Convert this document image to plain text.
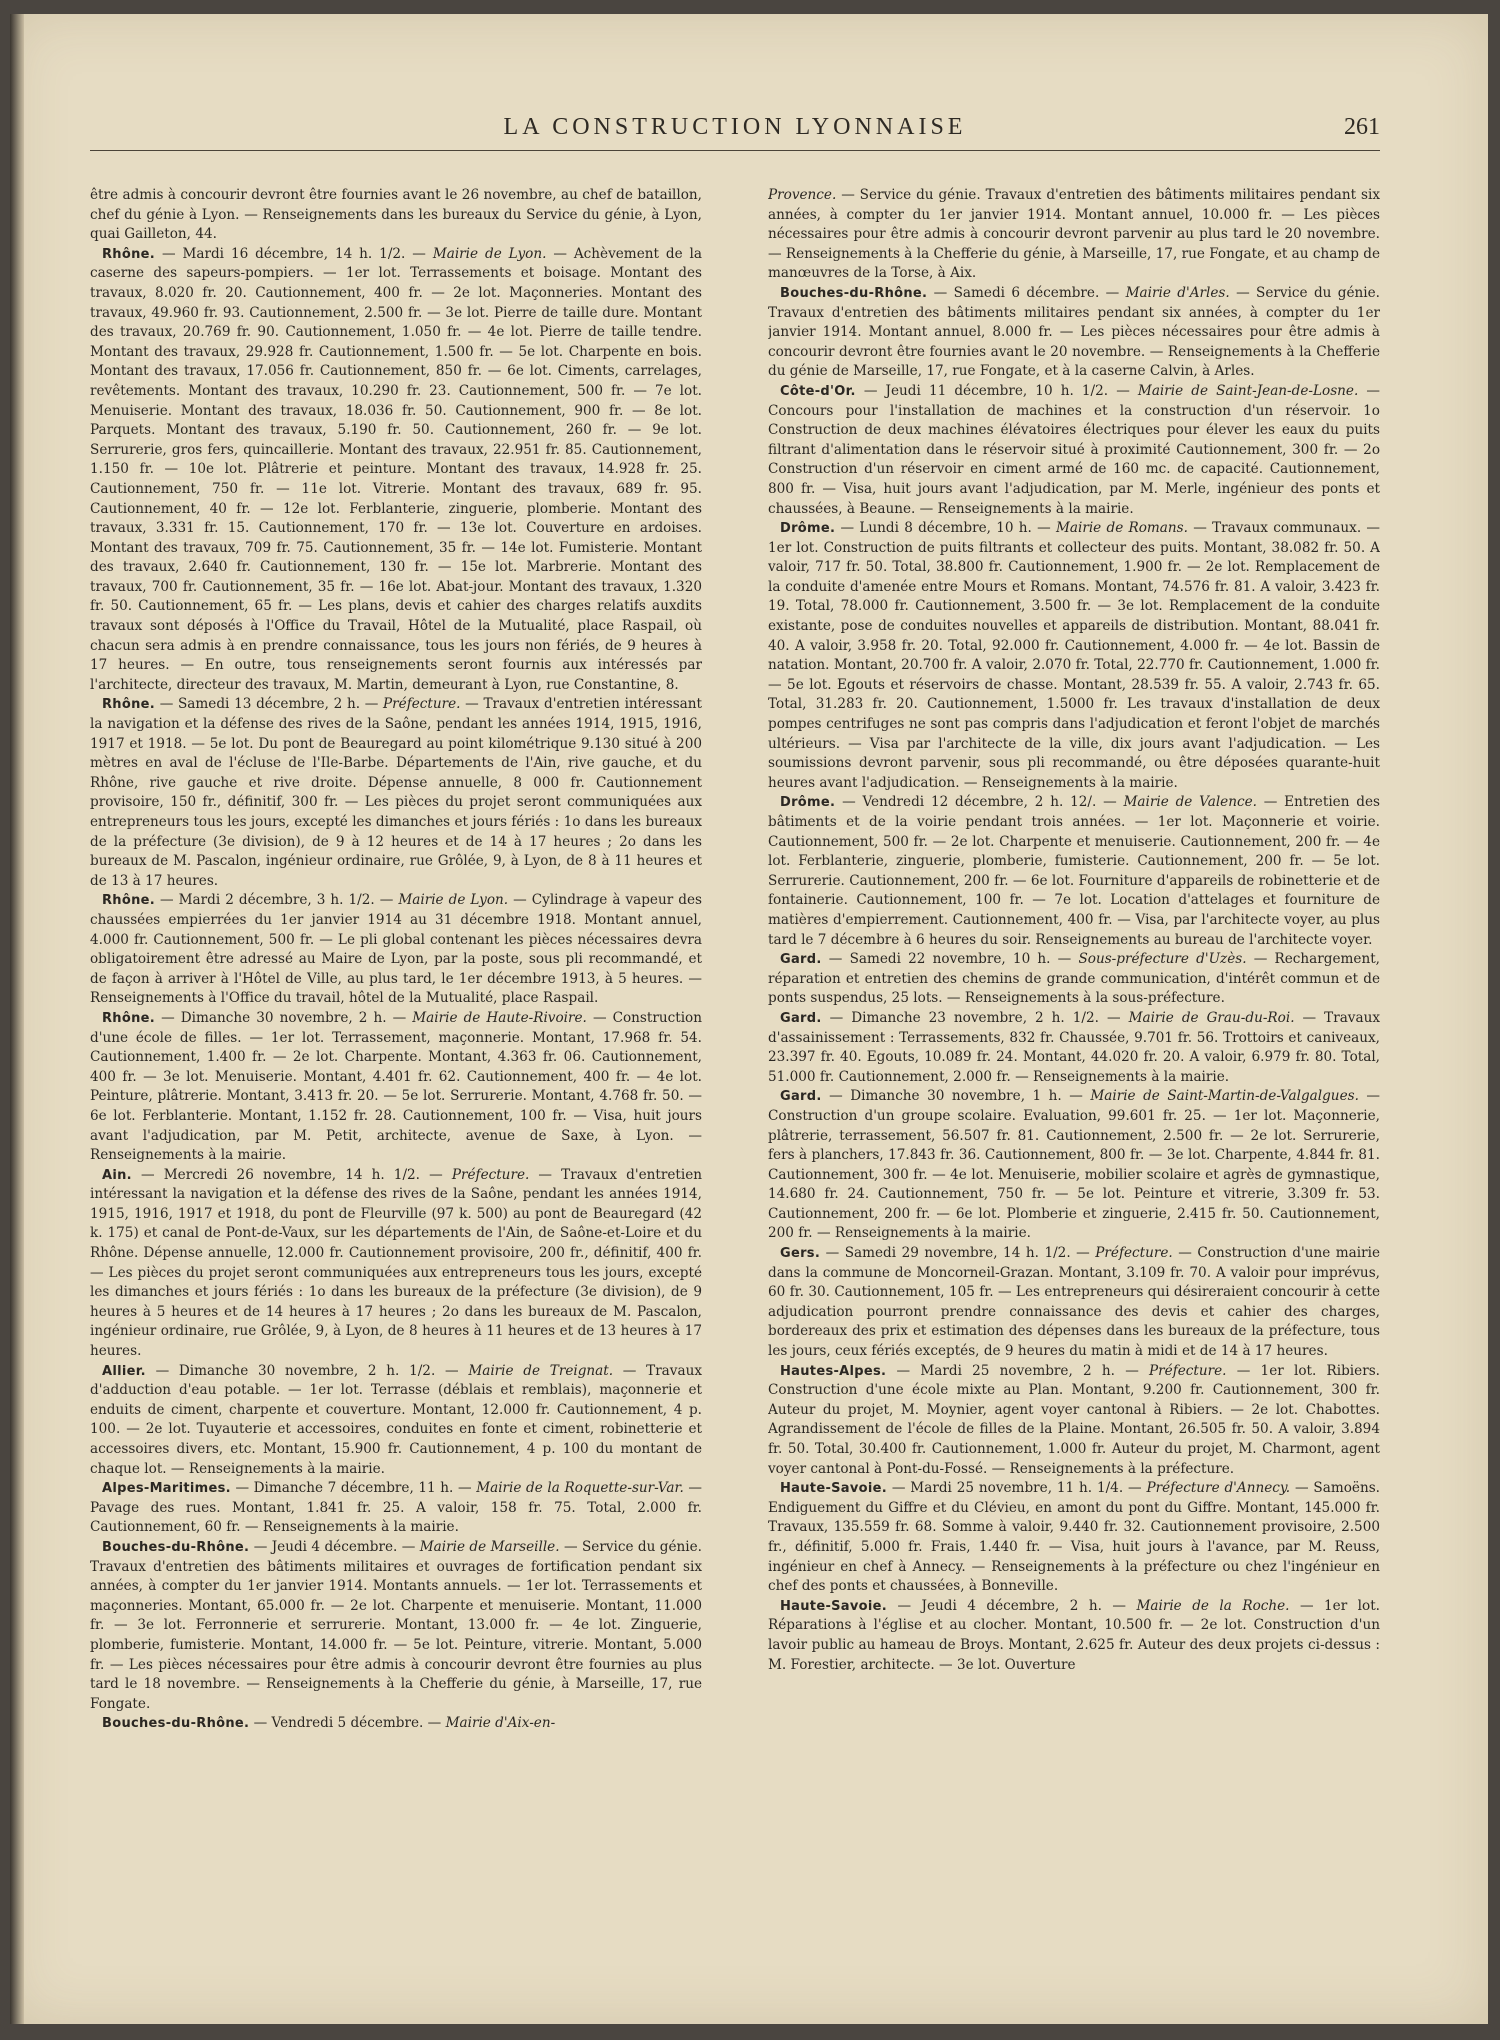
LA CONSTRUCTION LYONNAISE	261

être admis à concourir devront être fournies avant le 26 novembre, au chef de bataillon, chef du génie à Lyon. — Renseignements dans les bureaux du Service du génie, à Lyon, quai Gailleton, 44.

Rhône. — Mardi 16 décembre, 14 h. 1/2. — Mairie de Lyon. — Achèvement de la caserne des sapeurs-pompiers. — 1er lot. Terrassements et boisage. Montant des travaux, 8.020 fr. 20. Cautionnement, 400 fr. — 2e lot. Maçonneries. Montant des travaux, 49.960 fr. 93. Cautionnement, 2.500 fr. — 3e lot. Pierre de taille dure. Montant des travaux, 20.769 fr. 90. Cautionnement, 1.050 fr. — 4e lot. Pierre de taille tendre. Montant des travaux, 29.928 fr. Cautionnement, 1.500 fr. — 5e lot. Charpente en bois. Montant des travaux, 17.056 fr. Cautionnement, 850 fr. — 6e lot. Ciments, carrelages, revêtements. Montant des travaux, 10.290 fr. 23. Cautionnement, 500 fr. — 7e lot. Menuiserie. Montant des travaux, 18.036 fr. 50. Cautionnement, 900 fr. — 8e lot. Parquets. Montant des travaux, 5.190 fr. 50. Cautionnement, 260 fr. — 9e lot. Serrurerie, gros fers, quincaillerie. Montant des travaux, 22.951 fr. 85. Cautionnement, 1.150 fr. — 10e lot. Plâtrerie et peinture. Montant des travaux, 14.928 fr. 25. Cautionnement, 750 fr. — 11e lot. Vitrerie. Montant des travaux, 689 fr. 95. Cautionnement, 40 fr. — 12e lot. Ferblanterie, zinguerie, plomberie. Montant des travaux, 3.331 fr. 15. Cautionnement, 170 fr. — 13e lot. Couverture en ardoises. Montant des travaux, 709 fr. 75. Cautionnement, 35 fr. — 14e lot. Fumisterie. Montant des travaux, 2.640 fr. Cautionnement, 130 fr. — 15e lot. Marbrerie. Montant des travaux, 700 fr. Cautionnement, 35 fr. — 16e lot. Abat-jour. Montant des travaux, 1.320 fr. 50. Cautionnement, 65 fr. — Les plans, devis et cahier des charges relatifs auxdits travaux sont déposés à l'Office du Travail, Hôtel de la Mutualité, place Raspail, où chacun sera admis à en prendre connaissance, tous les jours non fériés, de 9 heures à 17 heures. — En outre, tous renseignements seront fournis aux intéressés par l'architecte, directeur des travaux, M. Martin, demeurant à Lyon, rue Constantine, 8.

Rhône. — Samedi 13 décembre, 2 h. — Préfecture. — Travaux d'entretien intéressant la navigation et la défense des rives de la Saône, pendant les années 1914, 1915, 1916, 1917 et 1918. — 5e lot. Du pont de Beauregard au point kilométrique 9.130 situé à 200 mètres en aval de l'écluse de l'Ile-Barbe. Départements de l'Ain, rive gauche, et du Rhône, rive gauche et rive droite. Dépense annuelle, 8 000 fr. Cautionnement provisoire, 150 fr., définitif, 300 fr. — Les pièces du projet seront communiquées aux entrepreneurs tous les jours, excepté les dimanches et jours fériés : 1o dans les bureaux de la préfecture (3e division), de 9 à 12 heures et de 14 à 17 heures ; 2o dans les bureaux de M. Pascalon, ingénieur ordinaire, rue Grôlée, 9, à Lyon, de 8 à 11 heures et de 13 à 17 heures.

Rhône. — Mardi 2 décembre, 3 h. 1/2. — Mairie de Lyon. — Cylindrage à vapeur des chaussées empierrées du 1er janvier 1914 au 31 décembre 1918. Montant annuel, 4.000 fr. Cautionnement, 500 fr. — Le pli global contenant les pièces nécessaires devra obligatoirement être adressé au Maire de Lyon, par la poste, sous pli recommandé, et de façon à arriver à l'Hôtel de Ville, au plus tard, le 1er décembre 1913, à 5 heures. — Renseignements à l'Office du travail, hôtel de la Mutualité, place Raspail.

Rhône. — Dimanche 30 novembre, 2 h. — Mairie de Haute-Rivoire. — Construction d'une école de filles. — 1er lot. Terrassement, maçonnerie. Montant, 17.968 fr. 54. Cautionnement, 1.400 fr. — 2e lot. Charpente. Montant, 4.363 fr. 06. Cautionnement, 400 fr. — 3e lot. Menuiserie. Montant, 4.401 fr. 62. Cautionnement, 400 fr. — 4e lot. Peinture, plâtrerie. Montant, 3.413 fr. 20. — 5e lot. Serrurerie. Montant, 4.768 fr. 50. — 6e lot. Ferblanterie. Montant, 1.152 fr. 28. Cautionnement, 100 fr. — Visa, huit jours avant l'adjudication, par M. Petit, architecte, avenue de Saxe, à Lyon. — Renseignements à la mairie.

Ain. — Mercredi 26 novembre, 14 h. 1/2. — Préfecture. — Travaux d'entretien intéressant la navigation et la défense des rives de la Saône, pendant les années 1914, 1915, 1916, 1917 et 1918, du pont de Fleurville (97 k. 500) au pont de Beauregard (42 k. 175) et canal de Pont-de-Vaux, sur les départements de l'Ain, de Saône-et-Loire et du Rhône. Dépense annuelle, 12.000 fr. Cautionnement provisoire, 200 fr., définitif, 400 fr. — Les pièces du projet seront communiquées aux entrepreneurs tous les jours, excepté les dimanches et jours fériés : 1o dans les bureaux de la préfecture (3e division), de 9 heures à 5 heures et de 14 heures à 17 heures ; 2o dans les bureaux de M. Pascalon, ingénieur ordinaire, rue Grôlée, 9, à Lyon, de 8 heures à 11 heures et de 13 heures à 17 heures.

Allier. — Dimanche 30 novembre, 2 h. 1/2. — Mairie de Treignat. — Travaux d'adduction d'eau potable. — 1er lot. Terrasse (déblais et remblais), maçonnerie et enduits de ciment, charpente et couverture. Montant, 12.000 fr. Cautionnement, 4 p. 100. — 2e lot. Tuyauterie et accessoires, conduites en fonte et ciment, robinetterie et accessoires divers, etc. Montant, 15.900 fr. Cautionnement, 4 p. 100 du montant de chaque lot. — Renseignements à la mairie.

Alpes-Maritimes. — Dimanche 7 décembre, 11 h. — Mairie de la Roquette-sur-Var. — Pavage des rues. Montant, 1.841 fr. 25. A valoir, 158 fr. 75. Total, 2.000 fr. Cautionnement, 60 fr. — Renseignements à la mairie.

Bouches-du-Rhône. — Jeudi 4 décembre. — Mairie de Marseille. — Service du génie. Travaux d'entretien des bâtiments militaires et ouvrages de fortification pendant six années, à compter du 1er janvier 1914. Montants annuels. — 1er lot. Terrassements et maçonneries. Montant, 65.000 fr. — 2e lot. Charpente et menuiserie. Montant, 11.000 fr. — 3e lot. Ferronnerie et serrurerie. Montant, 13.000 fr. — 4e lot. Zinguerie, plomberie, fumisterie. Montant, 14.000 fr. — 5e lot. Peinture, vitrerie. Montant, 5.000 fr. — Les pièces nécessaires pour être admis à concourir devront être fournies au plus tard le 18 novembre. — Renseignements à la Chefferie du génie, à Marseille, 17, rue Fongate.

Bouches-du-Rhône. — Vendredi 5 décembre. — Mairie d'Aix-en-

Provence. — Service du génie. Travaux d'entretien des bâtiments militaires pendant six années, à compter du 1er janvier 1914. Montant annuel, 10.000 fr. — Les pièces nécessaires pour être admis à concourir devront parvenir au plus tard le 20 novembre. — Renseignements à la Chefferie du génie, à Marseille, 17, rue Fongate, et au champ de manœuvres de la Torse, à Aix.

Bouches-du-Rhône. — Samedi 6 décembre. — Mairie d'Arles. — Service du génie. Travaux d'entretien des bâtiments militaires pendant six années, à compter du 1er janvier 1914. Montant annuel, 8.000 fr. — Les pièces nécessaires pour être admis à concourir devront être fournies avant le 20 novembre. — Renseignements à la Chefferie du génie de Marseille, 17, rue Fongate, et à la caserne Calvin, à Arles.

Côte-d'Or. — Jeudi 11 décembre, 10 h. 1/2. — Mairie de Saint-Jean-de-Losne. — Concours pour l'installation de machines et la construction d'un réservoir. 1o Construction de deux machines élévatoires électriques pour élever les eaux du puits filtrant d'alimentation dans le réservoir situé à proximité Cautionnement, 300 fr. — 2o Construction d'un réservoir en ciment armé de 160 mc. de capacité. Cautionnement, 800 fr. — Visa, huit jours avant l'adjudication, par M. Merle, ingénieur des ponts et chaussées, à Beaune. — Renseignements à la mairie.

Drôme. — Lundi 8 décembre, 10 h. — Mairie de Romans. — Travaux communaux. — 1er lot. Construction de puits filtrants et collecteur des puits. Montant, 38.082 fr. 50. A valoir, 717 fr. 50. Total, 38.800 fr. Cautionnement, 1.900 fr. — 2e lot. Remplacement de la conduite d'amenée entre Mours et Romans. Montant, 74.576 fr. 81. A valoir, 3.423 fr. 19. Total, 78.000 fr. Cautionnement, 3.500 fr. — 3e lot. Remplacement de la conduite existante, pose de conduites nouvelles et appareils de distribution. Montant, 88.041 fr. 40. A valoir, 3.958 fr. 20. Total, 92.000 fr. Cautionnement, 4.000 fr. — 4e lot. Bassin de natation. Montant, 20.700 fr. A valoir, 2.070 fr. Total, 22.770 fr. Cautionnement, 1.000 fr. — 5e lot. Egouts et réservoirs de chasse. Montant, 28.539 fr. 55. A valoir, 2.743 fr. 65. Total, 31.283 fr. 20. Cautionnement, 1.5000 fr. Les travaux d'installation de deux pompes centrifuges ne sont pas compris dans l'adjudication et feront l'objet de marchés ultérieurs. — Visa par l'architecte de la ville, dix jours avant l'adjudication. — Les soumissions devront parvenir, sous pli recommandé, ou être déposées quarante-huit heures avant l'adjudication. — Renseignements à la mairie.

Drôme. — Vendredi 12 décembre, 2 h. 12/. — Mairie de Valence. — Entretien des bâtiments et de la voirie pendant trois années. — 1er lot. Maçonnerie et voirie. Cautionnement, 500 fr. — 2e lot. Charpente et menuiserie. Cautionnement, 200 fr. — 4e lot. Ferblanterie, zinguerie, plomberie, fumisterie. Cautionnement, 200 fr. — 5e lot. Serrurerie. Cautionnement, 200 fr. — 6e lot. Fourniture d'appareils de robinetterie et de fontainerie. Cautionnement, 100 fr. — 7e lot. Location d'attelages et fourniture de matières d'empierrement. Cautionnement, 400 fr. — Visa, par l'architecte voyer, au plus tard le 7 décembre à 6 heures du soir. Renseignements au bureau de l'architecte voyer.

Gard. — Samedi 22 novembre, 10 h. — Sous-préfecture d'Uzès. — Rechargement, réparation et entretien des chemins de grande communication, d'intérêt commun et de ponts suspendus, 25 lots. — Renseignements à la sous-préfecture.

Gard. — Dimanche 23 novembre, 2 h. 1/2. — Mairie de Grau-du-Roi. — Travaux d'assainissement : Terrassements, 832 fr. Chaussée, 9.701 fr. 56. Trottoirs et caniveaux, 23.397 fr. 40. Egouts, 10.089 fr. 24. Montant, 44.020 fr. 20. A valoir, 6.979 fr. 80. Total, 51.000 fr. Cautionnement, 2.000 fr. — Renseignements à la mairie.

Gard. — Dimanche 30 novembre, 1 h. — Mairie de Saint-Martin-de-Valgalgues. — Construction d'un groupe scolaire. Evaluation, 99.601 fr. 25. — 1er lot. Maçonnerie, plâtrerie, terrassement, 56.507 fr. 81. Cautionnement, 2.500 fr. — 2e lot. Serrurerie, fers à planchers, 17.843 fr. 36. Cautionnement, 800 fr. — 3e lot. Charpente, 4.844 fr. 81. Cautionnement, 300 fr. — 4e lot. Menuiserie, mobilier scolaire et agrès de gymnastique, 14.680 fr. 24. Cautionnement, 750 fr. — 5e lot. Peinture et vitrerie, 3.309 fr. 53. Cautionnement, 200 fr. — 6e lot. Plomberie et zinguerie, 2.415 fr. 50. Cautionnement, 200 fr. — Renseignements à la mairie.

Gers. — Samedi 29 novembre, 14 h. 1/2. — Préfecture. — Construction d'une mairie dans la commune de Moncorneil-Grazan. Montant, 3.109 fr. 70. A valoir pour imprévus, 60 fr. 30. Cautionnement, 105 fr. — Les entrepreneurs qui désireraient concourir à cette adjudication pourront prendre connaissance des devis et cahier des charges, bordereaux des prix et estimation des dépenses dans les bureaux de la préfecture, tous les jours, ceux fériés exceptés, de 9 heures du matin à midi et de 14 à 17 heures.

Hautes-Alpes. — Mardi 25 novembre, 2 h. — Préfecture. — 1er lot. Ribiers. Construction d'une école mixte au Plan. Montant, 9.200 fr. Cautionnement, 300 fr. Auteur du projet, M. Moynier, agent voyer cantonal à Ribiers. — 2e lot. Chabottes. Agrandissement de l'école de filles de la Plaine. Montant, 26.505 fr. 50. A valoir, 3.894 fr. 50. Total, 30.400 fr. Cautionnement, 1.000 fr. Auteur du projet, M. Charmont, agent voyer cantonal à Pont-du-Fossé. — Renseignements à la préfecture.

Haute-Savoie. — Mardi 25 novembre, 11 h. 1/4. — Préfecture d'Annecy. — Samoëns. Endiguement du Giffre et du Clévieu, en amont du pont du Giffre. Montant, 145.000 fr. Travaux, 135.559 fr. 68. Somme à valoir, 9.440 fr. 32. Cautionnement provisoire, 2.500 fr., définitif, 5.000 fr. Frais, 1.440 fr. — Visa, huit jours à l'avance, par M. Reuss, ingénieur en chef à Annecy. — Renseignements à la préfecture ou chez l'ingénieur en chef des ponts et chaussées, à Bonneville.

Haute-Savoie. — Jeudi 4 décembre, 2 h. — Mairie de la Roche. — 1er lot. Réparations à l'église et au clocher. Montant, 10.500 fr. — 2e lot. Construction d'un lavoir public au hameau de Broys. Montant, 2.625 fr. Auteur des deux projets ci-dessus : M. Forestier, architecte. — 3e lot. Ouverture
